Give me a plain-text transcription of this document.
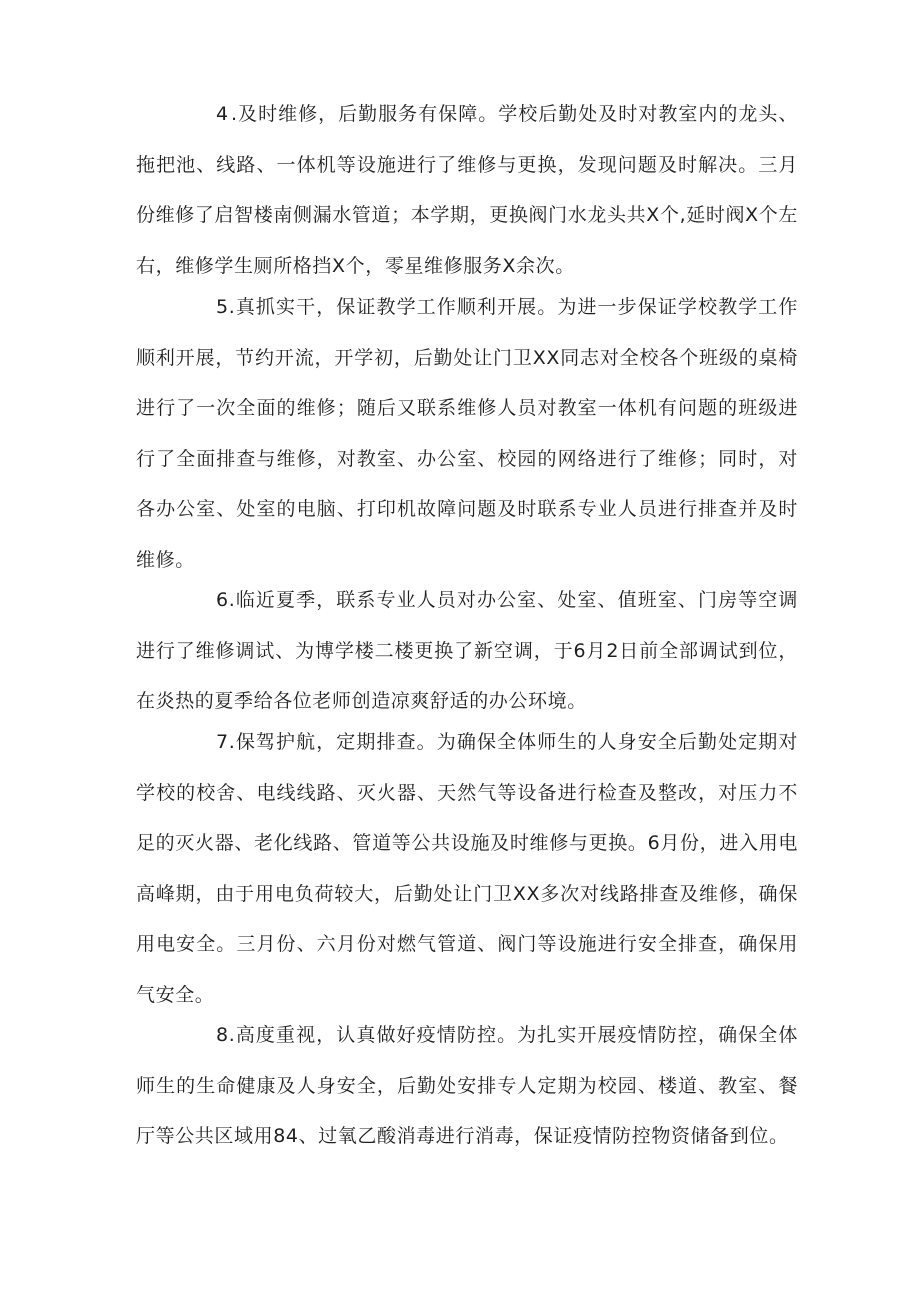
4 .及时维修，后勤服务有保障。学校后勤处及时对教室内的龙头、拖把池、线路、一体机等设施进行了维修与更换，发现问题及时解决。三月份维修了启智楼南侧漏水管道；本学期，更换阀门水龙头共X个,延时阀X个左右，维修学生厕所格挡X个，零星维修服务X余次。

5.真抓实干，保证教学工作顺利开展。为进一步保证学校教学工作顺利开展，节约开流，开学初，后勤处让门卫XX同志对全校各个班级的桌椅进行了一次全面的维修；随后又联系维修人员对教室一体机有问题的班级进行了全面排查与维修，对教室、办公室、校园的网络进行了维修；同时，对各办公室、处室的电脑、打印机故障问题及时联系专业人员进行排查并及时维修。

6.临近夏季，联系专业人员对办公室、处室、值班室、门房等空调进行了维修调试、为博学楼二楼更换了新空调，于6月2日前全部调试到位，在炎热的夏季给各位老师创造凉爽舒适的办公环境。

7.保驾护航，定期排查。为确保全体师生的人身安全后勤处定期对学校的校舍、电线线路、灭火器、天然气等设备进行检查及整改，对压力不足的灭火器、老化线路、管道等公共设施及时维修与更换。6月份，进入用电高峰期，由于用电负荷较大，后勤处让门卫XX多次对线路排查及维修，确保用电安全。三月份、六月份对燃气管道、阀门等设施进行安全排查，确保用气安全。

8.高度重视，认真做好疫情防控。为扎实开展疫情防控，确保全体师生的生命健康及人身安全，后勤处安排专人定期为校园、楼道、教室、餐厅等公共区域用84、过氧乙酸消毒进行消毒，保证疫情防控物资储备到位。
